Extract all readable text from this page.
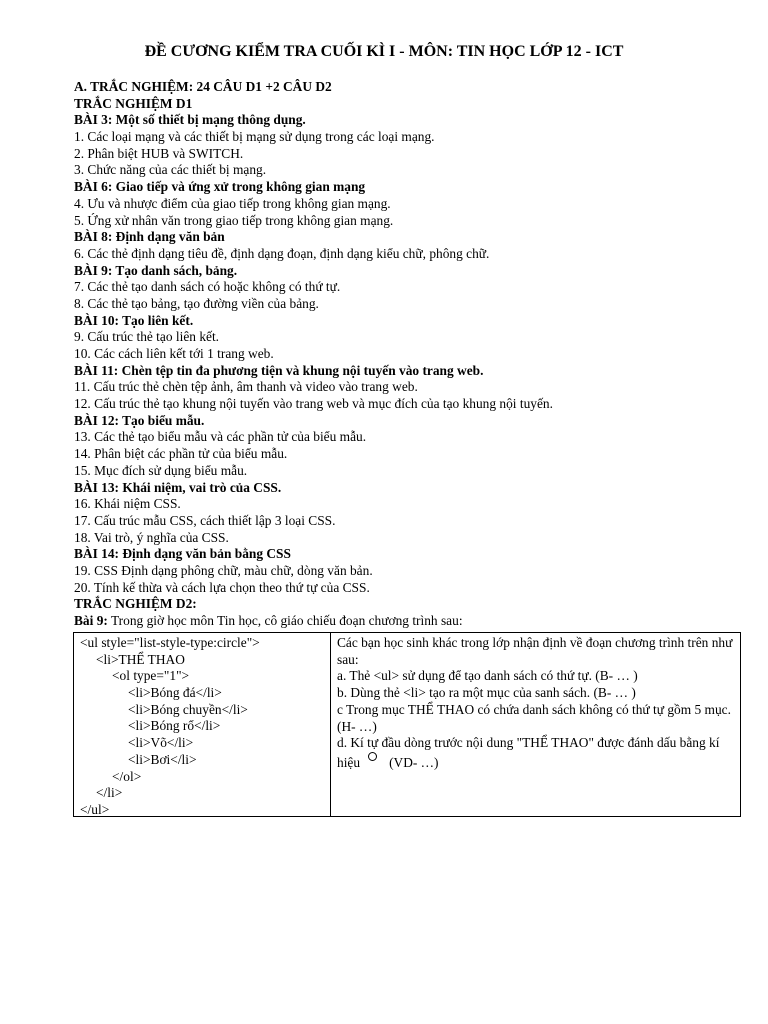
ĐỀ CƯƠNG KIỂM TRA CUỐI KÌ I - MÔN: TIN HỌC LỚP 12 - ICT
A. TRẮC NGHIỆM: 24 CÂU D1 +2 CÂU D2
TRẮC NGHIỆM D1
BÀI 3: Một số thiết bị mạng thông dụng.
1. Các loại mạng và các thiết bị mạng sử dụng trong các loại mạng.
2. Phân biệt HUB và SWITCH.
3. Chức năng của các thiết bị mạng.
BÀI 6: Giao tiếp và ứng xử trong không gian mạng
4. Ưu và nhược điểm của giao tiếp trong không gian mạng.
5. Ứng xử nhân văn trong giao tiếp trong không gian mạng.
BÀI 8: Định dạng văn bản
6. Các thẻ định dạng tiêu đề, định dạng đoạn, định dạng kiểu chữ, phông chữ.
BÀI 9: Tạo danh sách, bảng.
7. Các thẻ tạo danh sách có hoặc không có thứ tự.
8. Các thẻ tạo bảng, tạo đường viền của bảng.
BÀI 10: Tạo liên kết.
9. Cấu trúc thẻ tạo liên kết.
10. Các cách liên kết tới 1 trang web.
BÀI 11: Chèn tệp tin đa phương tiện và khung nội tuyến vào trang web.
11. Cấu trúc thẻ chèn tệp ảnh, âm thanh và video vào trang web.
12. Cấu trúc thẻ tạo khung nội tuyến vào trang web và mục đích của tạo khung nội tuyến.
BÀI 12: Tạo biểu mẫu.
13. Các thẻ tạo biểu mẫu và các phần tử của biểu mẫu.
14. Phân biệt các phần tử của biểu mẫu.
15. Mục đích sử dụng biểu mẫu.
BÀI 13: Khái niệm, vai trò của CSS.
16. Khái niệm CSS.
17. Cấu trúc mẫu CSS, cách thiết lập 3 loại CSS.
18. Vai trò, ý nghĩa của CSS.
BÀI 14: Định dạng văn bản bằng CSS
19. CSS Định dạng phông chữ, màu chữ, dòng văn bản.
20. Tính kế thừa và cách lựa chọn theo thứ tự của CSS.
TRẮC NGHIỆM D2:
Bài 9: Trong giờ học môn Tin học, cô giáo chiếu đoạn chương trình sau:
<ul style="list-style-type:circle">
<li>THỂ THAO
<ol type="1">
<li>Bóng đá</li>
<li>Bóng chuyền</li>
<li>Bóng rổ</li>
<li>Võ</li>
<li>Bơi</li>
</ol>
</li>
</ul>
Các bạn học sinh khác trong lớp nhận định về đoạn chương trình trên như sau:
a. Thẻ <ul> sử dụng để tạo danh sách có thứ tự. (B- … )
b. Dùng thẻ <li> tạo ra một mục của sanh sách. (B- … )
c Trong mục THỂ THAO có chứa danh sách không có thứ tự gồm 5 mục. (H- …)
d. Kí tự đầu dòng trước nội dung "THỂ THAO" được đánh dấu bằng kí hiệu (VD- …)
